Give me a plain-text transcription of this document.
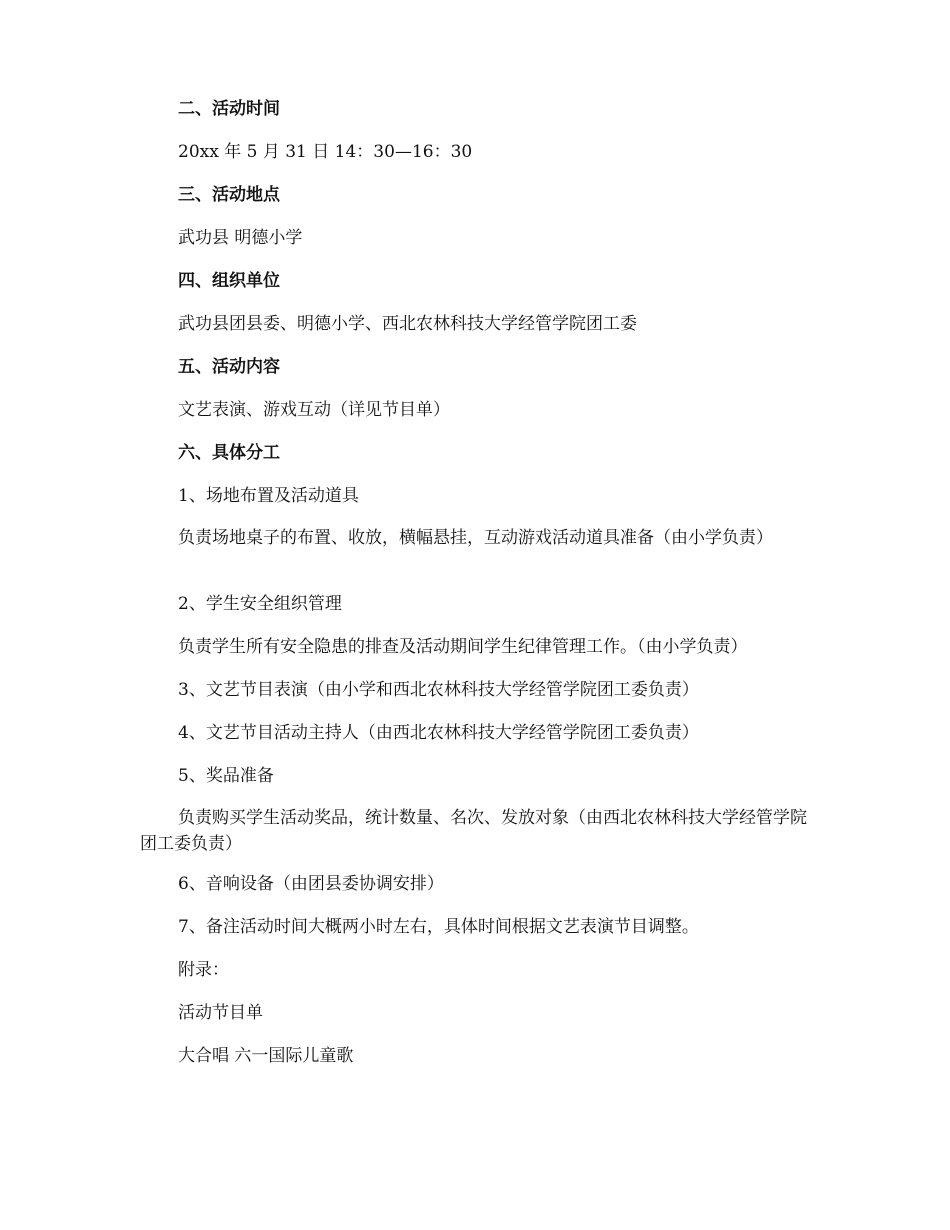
二、活动时间
20xx 年 5 月 31 日 14：30—16：30
三、活动地点
武功县 明德小学
四、组织单位
武功县团县委、明德小学、西北农林科技大学经管学院团工委
五、活动内容
文艺表演、游戏互动（详见节目单）
六、具体分工
1、场地布置及活动道具
负责场地桌子的布置、收放，横幅悬挂，互动游戏活动道具准备（由小学负责）
2、学生安全组织管理
负责学生所有安全隐患的排查及活动期间学生纪律管理工作。（由小学负责）
3、文艺节目表演（由小学和西北农林科技大学经管学院团工委负责）
4、文艺节目活动主持人（由西北农林科技大学经管学院团工委负责）
5、奖品准备
负责购买学生活动奖品，统计数量、名次、发放对象（由西北农林科技大学经管学院团工委负责）
6、音响设备（由团县委协调安排）
7、备注活动时间大概两小时左右，具体时间根据文艺表演节目调整。
附录：
活动节目单
大合唱 六一国际儿童歌
